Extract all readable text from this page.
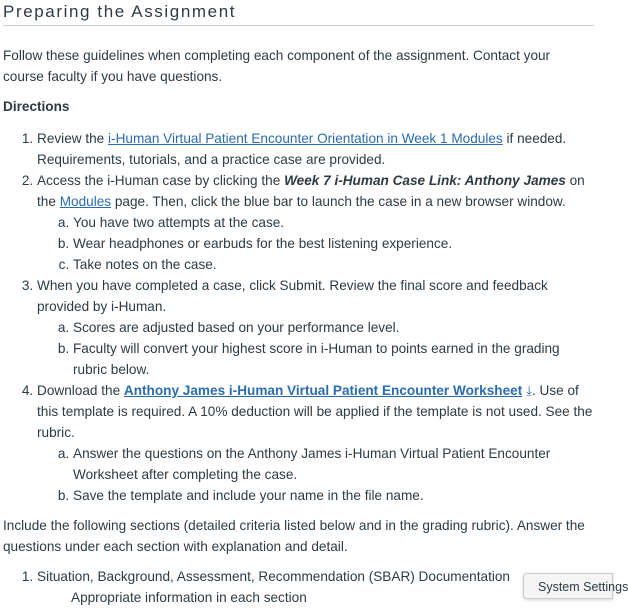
Preparing the Assignment

Follow these guidelines when completing each component of the assignment. Contact your course faculty if you have questions.

Directions

1. Review the i-Human Virtual Patient Encounter Orientation in Week 1 Modules if needed. Requirements, tutorials, and a practice case are provided.
2. Access the i-Human case by clicking the Week 7 i-Human Case Link: Anthony James on the Modules page. Then, click the blue bar to launch the case in a new browser window.
a. You have two attempts at the case.
b. Wear headphones or earbuds for the best listening experience.
c. Take notes on the case.
3. When you have completed a case, click Submit. Review the final score and feedback provided by i-Human.
a. Scores are adjusted based on your performance level.
b. Faculty will convert your highest score in i-Human to points earned in the grading rubric below.
4. Download the Anthony James i-Human Virtual Patient Encounter Worksheet ⤓. Use of this template is required. A 10% deduction will be applied if the template is not used. See the rubric.
a. Answer the questions on the Anthony James i-Human Virtual Patient Encounter Worksheet after completing the case.
b. Save the template and include your name in the file name.

Include the following sections (detailed criteria listed below and in the grading rubric). Answer the questions under each section with explanation and detail.

1. Situation, Background, Assessment, Recommendation (SBAR) Documentation
Appropriate information in each section
System Settings
